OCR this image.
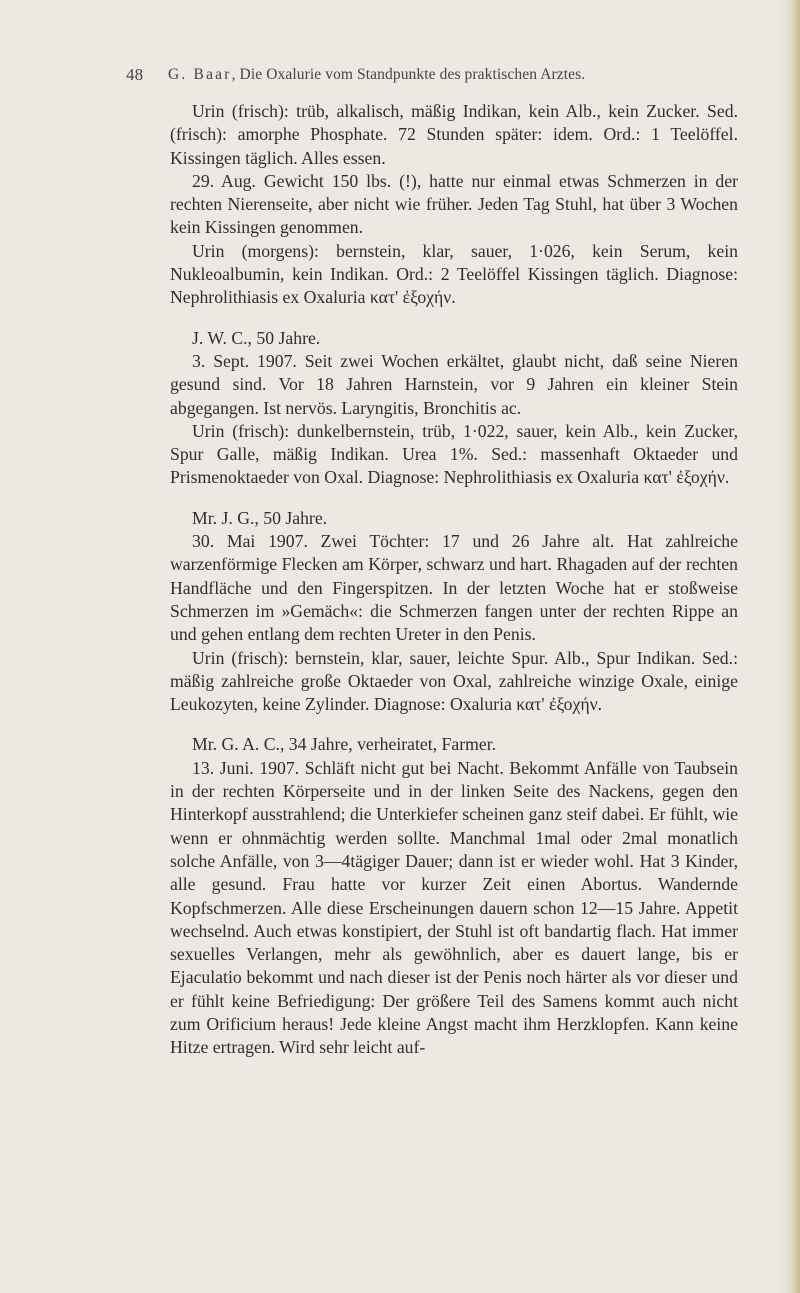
48 G. Baar, Die Oxalurie vom Standpunkte des praktischen Arztes.

Urin (frisch): trüb, alkalisch, mäßig Indikan, kein Alb., kein Zucker. Sed. (frisch): amorphe Phosphate. 72 Stunden später: idem. Ord.: 1 Teelöffel. Kissingen täglich. Alles essen.

29. Aug. Gewicht 150 lbs. (!), hatte nur einmal etwas Schmerzen in der rechten Nierenseite, aber nicht wie früher. Jeden Tag Stuhl, hat über 3 Wochen kein Kissingen genommen.

Urin (morgens): bernstein, klar, sauer, 1·026, kein Serum, kein Nukleoalbumin, kein Indikan. Ord.: 2 Teelöffel Kissingen täglich. Diagnose: Nephrolithiasis ex Oxaluria κατ' ἐξοχήν.

J. W. C., 50 Jahre.

3. Sept. 1907. Seit zwei Wochen erkältet, glaubt nicht, daß seine Nieren gesund sind. Vor 18 Jahren Harnstein, vor 9 Jahren ein kleiner Stein abgegangen. Ist nervös. Laryngitis, Bronchitis ac.

Urin (frisch): dunkelbernstein, trüb, 1·022, sauer, kein Alb., kein Zucker, Spur Galle, mäßig Indikan. Urea 1%. Sed.: massenhaft Oktaeder und Prismenoktaeder von Oxal. Diagnose: Nephrolithiasis ex Oxaluria κατ' ἐξοχήν.

Mr. J. G., 50 Jahre.

30. Mai 1907. Zwei Töchter: 17 und 26 Jahre alt. Hat zahlreiche warzenförmige Flecken am Körper, schwarz und hart. Rhagaden auf der rechten Handfläche und den Fingerspitzen. In der letzten Woche hat er stoßweise Schmerzen im »Gemäch«: die Schmerzen fangen unter der rechten Rippe an und gehen entlang dem rechten Ureter in den Penis.

Urin (frisch): bernstein, klar, sauer, leichte Spur. Alb., Spur Indikan. Sed.: mäßig zahlreiche große Oktaeder von Oxal, zahlreiche winzige Oxale, einige Leukozyten, keine Zylinder. Diagnose: Oxaluria κατ' ἐξοχήν.

Mr. G. A. C., 34 Jahre, verheiratet, Farmer.

13. Juni. 1907. Schläft nicht gut bei Nacht. Bekommt Anfälle von Taubsein in der rechten Körperseite und in der linken Seite des Nackens, gegen den Hinterkopf ausstrahlend; die Unterkiefer scheinen ganz steif dabei. Er fühlt, wie wenn er ohnmächtig werden sollte. Manchmal 1mal oder 2mal monatlich solche Anfälle, von 3—4tägiger Dauer; dann ist er wieder wohl. Hat 3 Kinder, alle gesund. Frau hatte vor kurzer Zeit einen Abortus. Wandernde Kopfschmerzen. Alle diese Erscheinungen dauern schon 12—15 Jahre. Appetit wechselnd. Auch etwas konstipiert, der Stuhl ist oft bandartig flach. Hat immer sexuelles Verlangen, mehr als gewöhnlich, aber es dauert lange, bis er Ejaculatio bekommt und nach dieser ist der Penis noch härter als vor dieser und er fühlt keine Befriedigung: Der größere Teil des Samens kommt auch nicht zum Orificium heraus! Jede kleine Angst macht ihm Herzklopfen. Kann keine Hitze ertragen. Wird sehr leicht auf-
